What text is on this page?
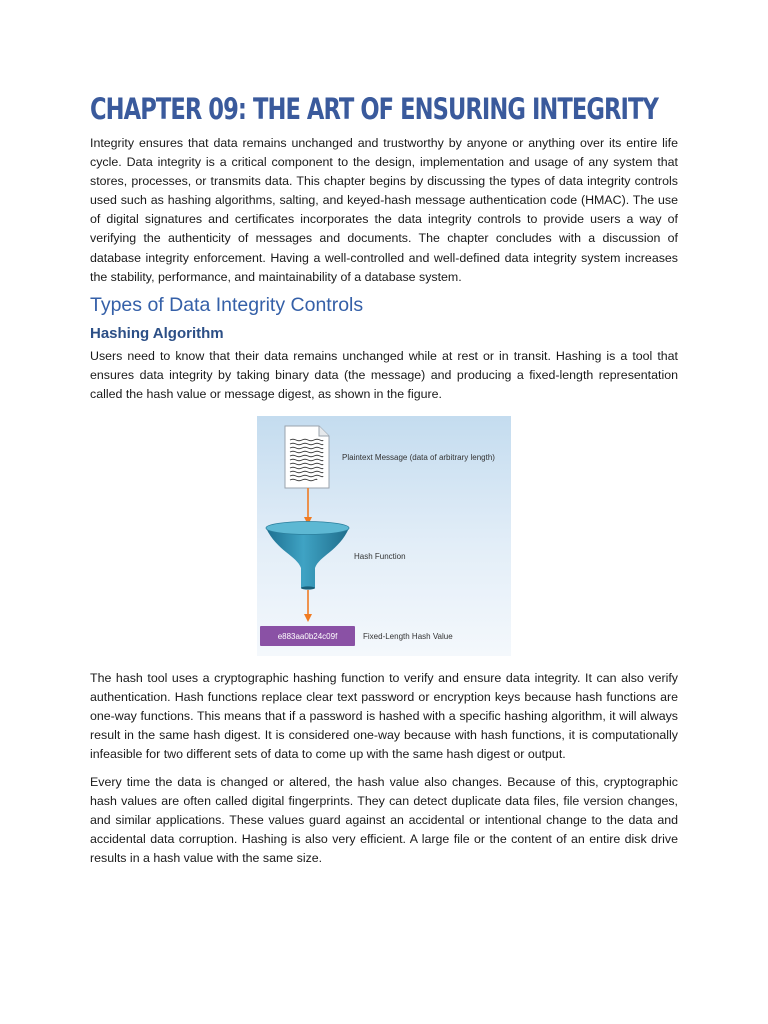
CHAPTER 09: THE ART OF ENSURING INTEGRITY

Integrity ensures that data remains unchanged and trustworthy by anyone or anything over its entire life cycle. Data integrity is a critical component to the design, implementation and usage of any system that stores, processes, or transmits data. This chapter begins by discussing the types of data integrity controls used such as hashing algorithms, salting, and keyed-hash message authentication code (HMAC). The use of digital signatures and certificates incorporates the data integrity controls to provide users a way of verifying the authenticity of messages and documents. The chapter concludes with a discussion of database integrity enforcement. Having a well-controlled and well-defined data integrity system increases the stability, performance, and maintainability of a database system.

Types of Data Integrity Controls
Hashing Algorithm

Users need to know that their data remains unchanged while at rest or in transit. Hashing is a tool that ensures data integrity by taking binary data (the message) and producing a fixed-length representation called the hash value or message digest, as shown in the figure.

Plaintext Message (data of arbitrary length)
Hash Function
e883aa0b24c09f	Fixed-Length Hash Value

The hash tool uses a cryptographic hashing function to verify and ensure data integrity. It can also verify authentication. Hash functions replace clear text password or encryption keys because hash functions are one-way functions. This means that if a password is hashed with a specific hashing algorithm, it will always result in the same hash digest. It is considered one-way because with hash functions, it is computationally infeasible for two different sets of data to come up with the same hash digest or output.

Every time the data is changed or altered, the hash value also changes. Because of this, cryptographic hash values are often called digital fingerprints. They can detect duplicate data files, file version changes, and similar applications. These values guard against an accidental or intentional change to the data and accidental data corruption. Hashing is also very efficient. A large file or the content of an entire disk drive results in a hash value with the same size.
